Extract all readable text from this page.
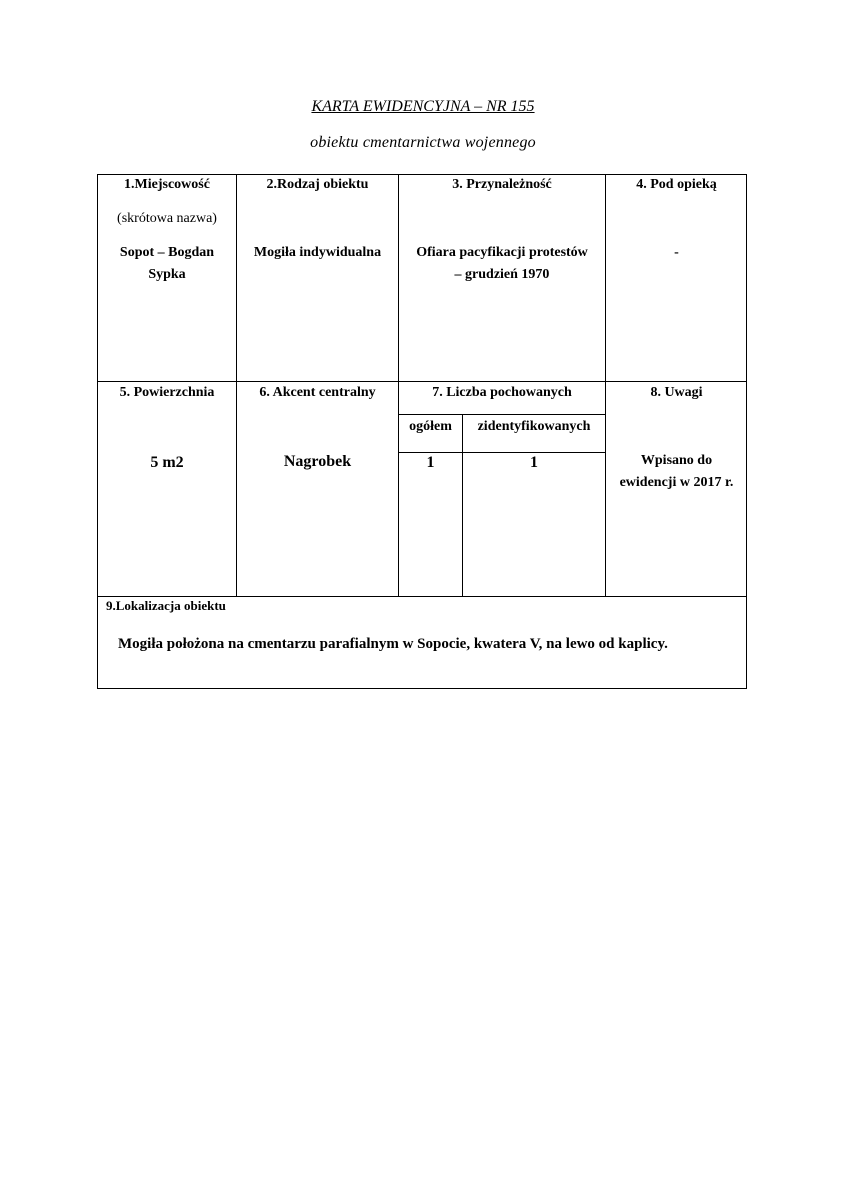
KARTA EWIDENCYJNA – NR 155
obiektu cmentarnictwa wojennego
1.Miejscowość
(skrótowa nazwa)
Sopot – Bogdan
Sypka
2.Rodzaj obiektu
Mogiła indywidualna
3. Przynależność
Ofiara pacyfikacji protestów
– grudzień 1970
4. Pod opieką
-
5. Powierzchnia
5 m2
6. Akcent centralny
Nagrobek
7. Liczba pochowanych
ogółem	zidentyfikowanych
1	1
8. Uwagi
Wpisano do
ewidencji w 2017 r.
9.Lokalizacja obiektu
Mogiła położona na cmentarzu parafialnym w Sopocie, kwatera V, na lewo od kaplicy.
